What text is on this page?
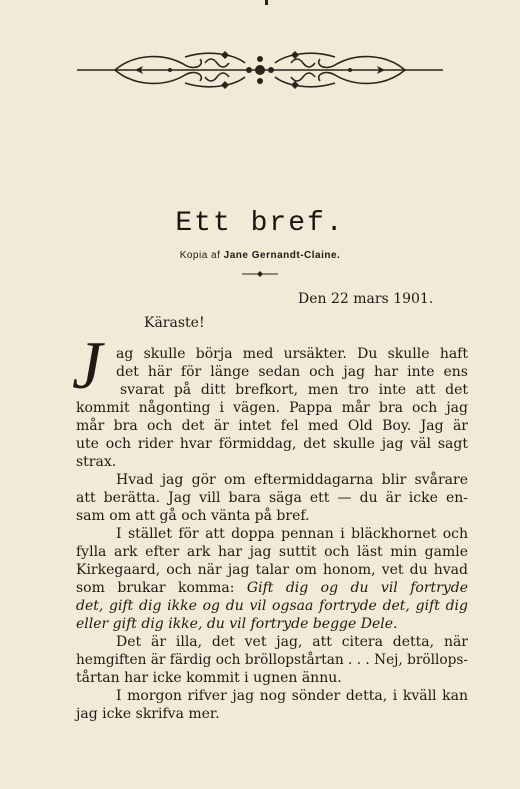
Ett bref.
Kopia af Jane Gernandt-Claine.
Den 22 mars 1901.
Käraste!
J ag skulle börja med ursäkter. Du skulle haft
det här för länge sedan och jag har inte ens
svarat på ditt brefkort, men tro inte att det
kommit någonting i vägen. Pappa mår bra och jag
mår bra och det är intet fel med Old Boy. Jag är
ute och rider hvar förmiddag, det skulle jag väl sagt
strax.
Hvad jag gör om eftermiddagarna blir svårare
att berätta. Jag vill bara säga ett — du är icke en-
sam om att gå och vänta på bref.
I stället för att doppa pennan i bläckhornet och
fylla ark efter ark har jag suttit och läst min gamle
Kirkegaard, och när jag talar om honom, vet du hvad
som brukar komma: Gift dig og du vil fortryde
det, gift dig ikke og du vil ogsaa fortryde det, gift dig
eller gift dig ikke, du vil fortryde begge Dele.
Det är illa, det vet jag, att citera detta, när
hemgiften är färdig och bröllopstårtan . . . Nej, bröllops-
tårtan har icke kommit i ugnen ännu.
I morgon rifver jag nog sönder detta, i kväll kan
jag icke skrifva mer.
